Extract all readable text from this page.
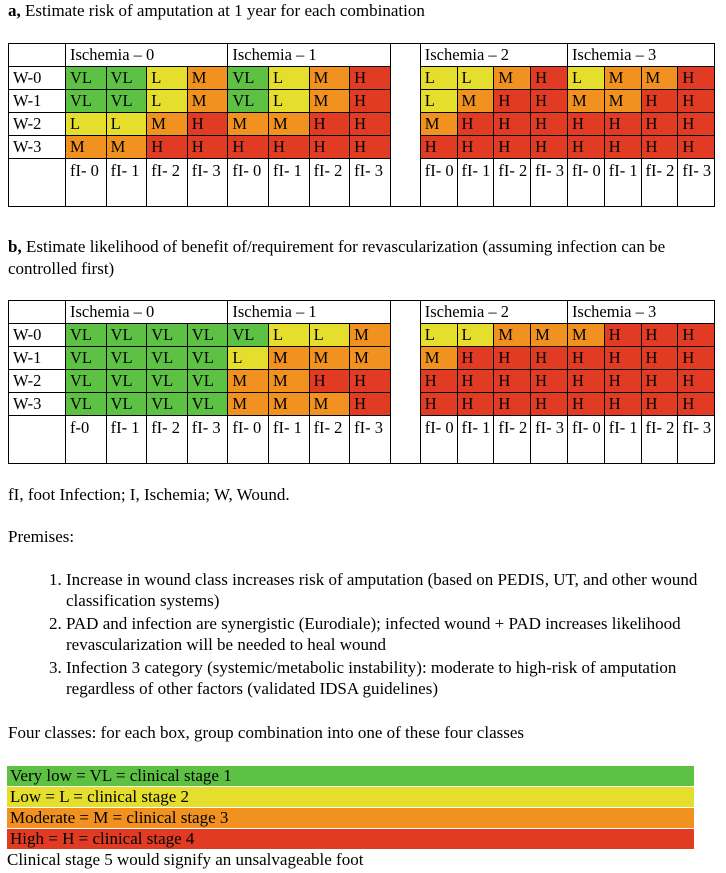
a, Estimate risk of amputation at 1 year for each combination
	Ischemia – 0				Ischemia – 1					Ischemia – 2				Ischemia – 3			
W-0	VL	VL	L	M	VL	L	M	H		L	L	M	H	L	M	M	H
W-1	VL	VL	L	M	VL	L	M	H		L	M	H	H	M	M	H	H
W-2	L	L	M	H	M	M	H	H		M	H	H	H	H	H	H	H
W-3	M	M	H	H	H	H	H	H		H	H	H	H	H	H	H	H
	fI- 0	fI- 1	fI- 2	fI- 3	fI- 0	fI- 1	fI- 2	fI- 3		fI- 0	fI- 1	fI- 2	fI- 3	fI- 0	fI- 1	fI- 2	fI- 3
b, Estimate likelihood of benefit of/requirement for revascularization (assuming infection can be controlled first)
	Ischemia – 0				Ischemia – 1					Ischemia – 2				Ischemia – 3			
W-0	VL	VL	VL	VL	VL	L	L	M		L	L	M	M	M	H	H	H
W-1	VL	VL	VL	VL	L	M	M	M		M	H	H	H	H	H	H	H
W-2	VL	VL	VL	VL	M	M	H	H		H	H	H	H	H	H	H	H
W-3	VL	VL	VL	VL	M	M	M	H		H	H	H	H	H	H	H	H
	f-0	fI- 1	fI- 2	fI- 3	fI- 0	fI- 1	fI- 2	fI- 3		fI- 0	fI- 1	fI- 2	fI- 3	fI- 0	fI- 1	fI- 2	fI- 3
fI, foot Infection; I, Ischemia; W, Wound.
Premises:
1. Increase in wound class increases risk of amputation (based on PEDIS, UT, and other wound classification systems)
2. PAD and infection are synergistic (Eurodiale); infected wound + PAD increases likelihood revascularization will be needed to heal wound
3. Infection 3 category (systemic/metabolic instability): moderate to high-risk of amputation regardless of other factors (validated IDSA guidelines)
Four classes: for each box, group combination into one of these four classes
Very low = VL = clinical stage 1
Low = L = clinical stage 2
Moderate = M = clinical stage 3
High = H = clinical stage 4
Clinical stage 5 would signify an unsalvageable foot
